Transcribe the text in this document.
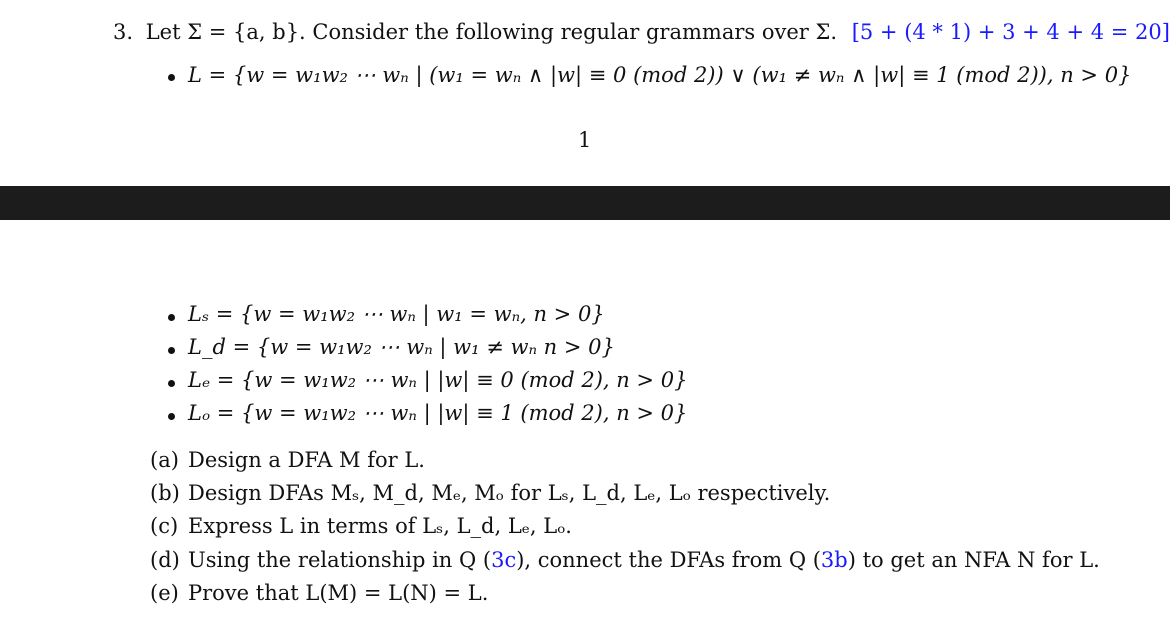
3. Let Σ = {a, b}. Consider the following regular grammars over Σ. [5 + (4 * 1) + 3 + 4 + 4 = 20]
L = {w = w₁w₂ ⋯ wₙ | (w₁ = wₙ ∧ |w| ≡ 0 (mod 2)) ∨ (w₁ ≠ wₙ ∧ |w| ≡ 1 (mod 2)), n > 0}
1
Lₛ = {w = w₁w₂ ⋯ wₙ | w₁ = wₙ, n > 0}
L_d = {w = w₁w₂ ⋯ wₙ | w₁ ≠ wₙ n > 0}
Lₑ = {w = w₁w₂ ⋯ wₙ | |w| ≡ 0 (mod 2), n > 0}
Lₒ = {w = w₁w₂ ⋯ wₙ | |w| ≡ 1 (mod 2), n > 0}
(a) Design a DFA M for L.
(b) Design DFAs Mₛ, M_d, Mₑ, Mₒ for Lₛ, L_d, Lₑ, Lₒ respectively.
(c) Express L in terms of Lₛ, L_d, Lₑ, Lₒ.
(d) Using the relationship in Q (3c), connect the DFAs from Q (3b) to get an NFA N for L.
(e) Prove that L(M) = L(N) = L.
